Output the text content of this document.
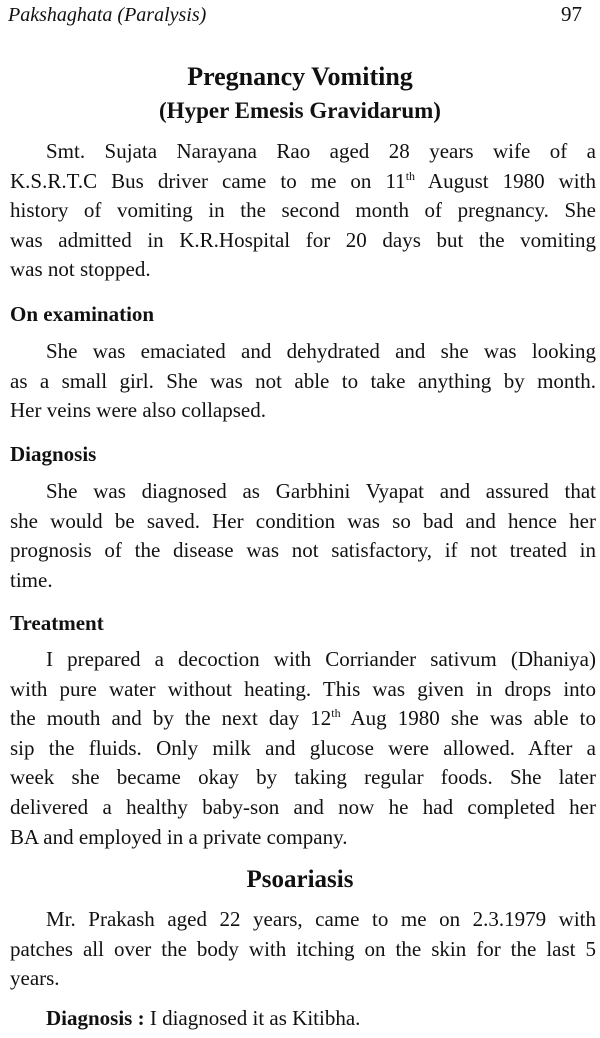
Pakshaghata (Paralysis)	97
Pregnancy Vomiting
(Hyper Emesis Gravidarum)
Smt. Sujata Narayana Rao aged 28 years wife of a
K.S.R.T.C Bus driver came to me on 11th August 1980 with
history of vomiting in the second month of pregnancy. She
was admitted in K.R.Hospital for 20 days but the vomiting
was not stopped.
On examination
She was emaciated and dehydrated and she was looking
as a small girl. She was not able to take anything by month.
Her veins were also collapsed.
Diagnosis
She was diagnosed as Garbhini Vyapat and assured that
she would be saved. Her condition was so bad and hence her
prognosis of the disease was not satisfactory, if not treated in
time.
Treatment
I prepared a decoction with Corriander sativum (Dhaniya)
with pure water without heating. This was given in drops into
the mouth and by the next day 12th Aug 1980 she was able to
sip the fluids. Only milk and glucose were allowed. After a
week she became okay by taking regular foods. She later
delivered a healthy baby-son and now he had completed her
BA and employed in a private company.
Psoariasis
Mr. Prakash aged 22 years, came to me on 2.3.1979 with
patches all over the body with itching on the skin for the last 5
years.
Diagnosis : I diagnosed it as Kitibha.
